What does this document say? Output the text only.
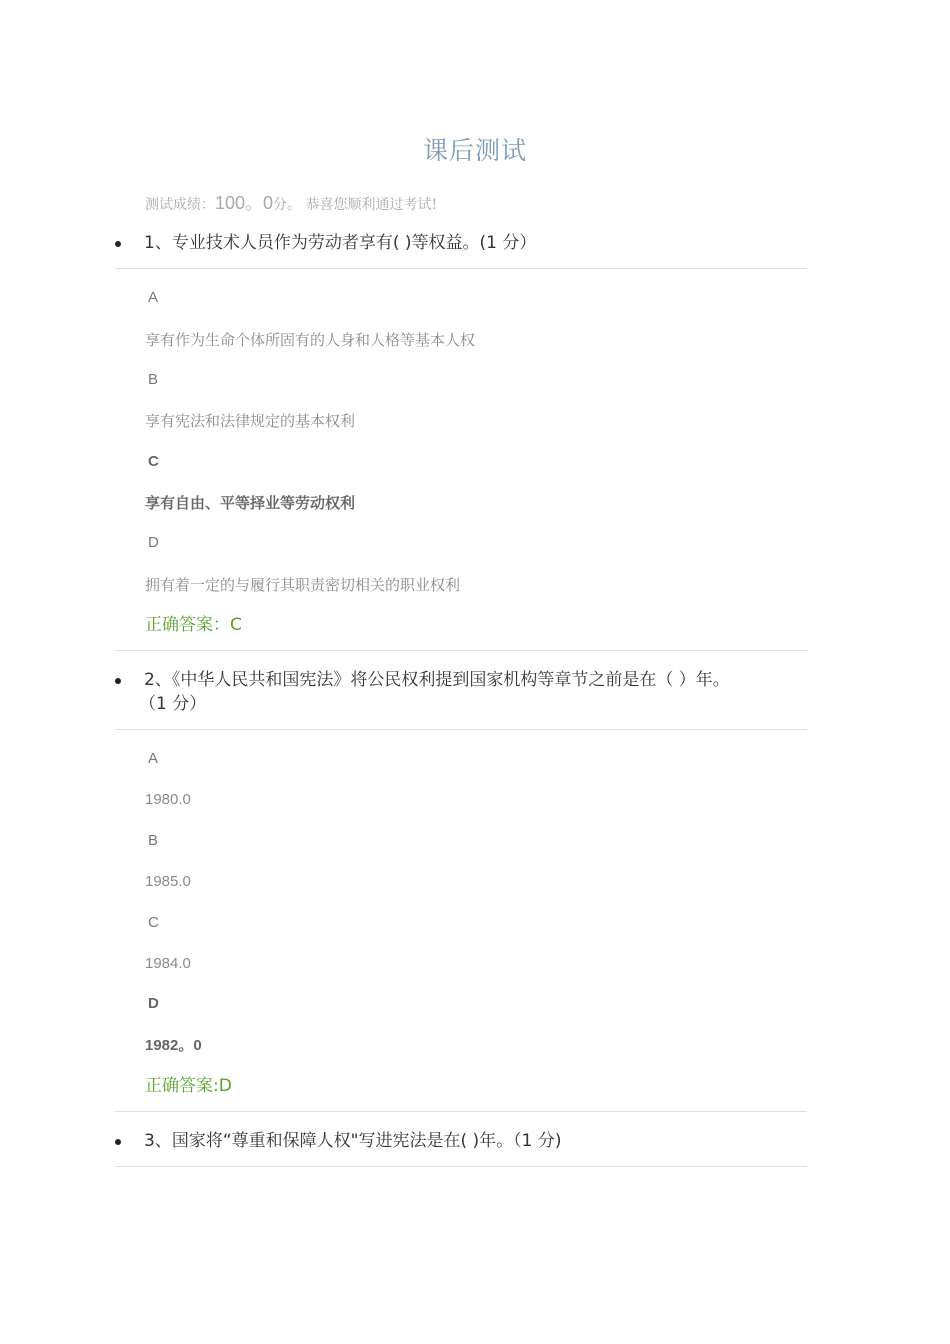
课后测试
测试成绩：100。0分。 恭喜您顺利通过考试!
1、专业技术人员作为劳动者享有( )等权益。(1 分）
A
享有作为生命个体所固有的人身和人格等基本人权
B
享有宪法和法律规定的基本权利
C
享有自由、平等择业等劳动权利
D
拥有着一定的与履行其职责密切相关的职业权利
正确答案：C
2、《中华人民共和国宪法》将公民权利提到国家机构等章节之前是在（ ）年。
（1 分）
A
1980.0
B
1985.0
C
1984.0
D
1982。0
正确答案:D
3、国家将“尊重和保障人权"写进宪法是在( )年。（1 分)
